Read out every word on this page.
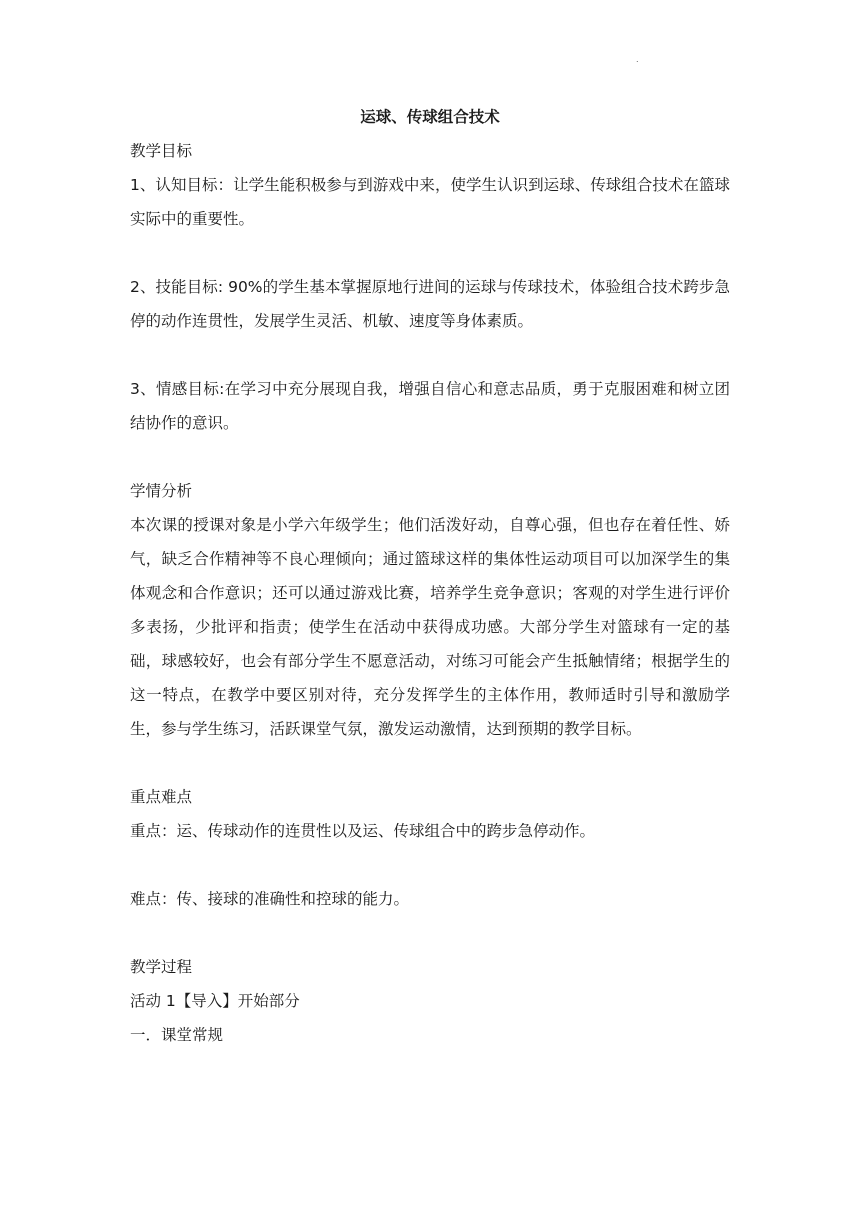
.
运球、传球组合技术

教学目标

1、认知目标：让学生能积极参与到游戏中来，使学生认识到运球、传球组合技术在篮球实际中的重要性。

2、技能目标: 90%的学生基本掌握原地行进间的运球与传球技术，体验组合技术跨步急停的动作连贯性，发展学生灵活、机敏、速度等身体素质。

3、情感目标:在学习中充分展现自我，增强自信心和意志品质，勇于克服困难和树立团结协作的意识。

学情分析

本次课的授课对象是小学六年级学生；他们活泼好动，自尊心强，但也存在着任性、娇气，缺乏合作精神等不良心理倾向；通过篮球这样的集体性运动项目可以加深学生的集体观念和合作意识；还可以通过游戏比赛，培养学生竞争意识；客观的对学生进行评价多表扬，少批评和指责；使学生在活动中获得成功感。大部分学生对篮球有一定的基础，球感较好，也会有部分学生不愿意活动，对练习可能会产生抵触情绪；根据学生的这一特点，在教学中要区别对待，充分发挥学生的主体作用，教师适时引导和激励学生，参与学生练习，活跃课堂气氛，激发运动激情，达到预期的教学目标。

重点难点

重点：运、传球动作的连贯性以及运、传球组合中的跨步急停动作。

难点：传、接球的准确性和控球的能力。

教学过程

活动 1【导入】开始部分

一．课堂常规
